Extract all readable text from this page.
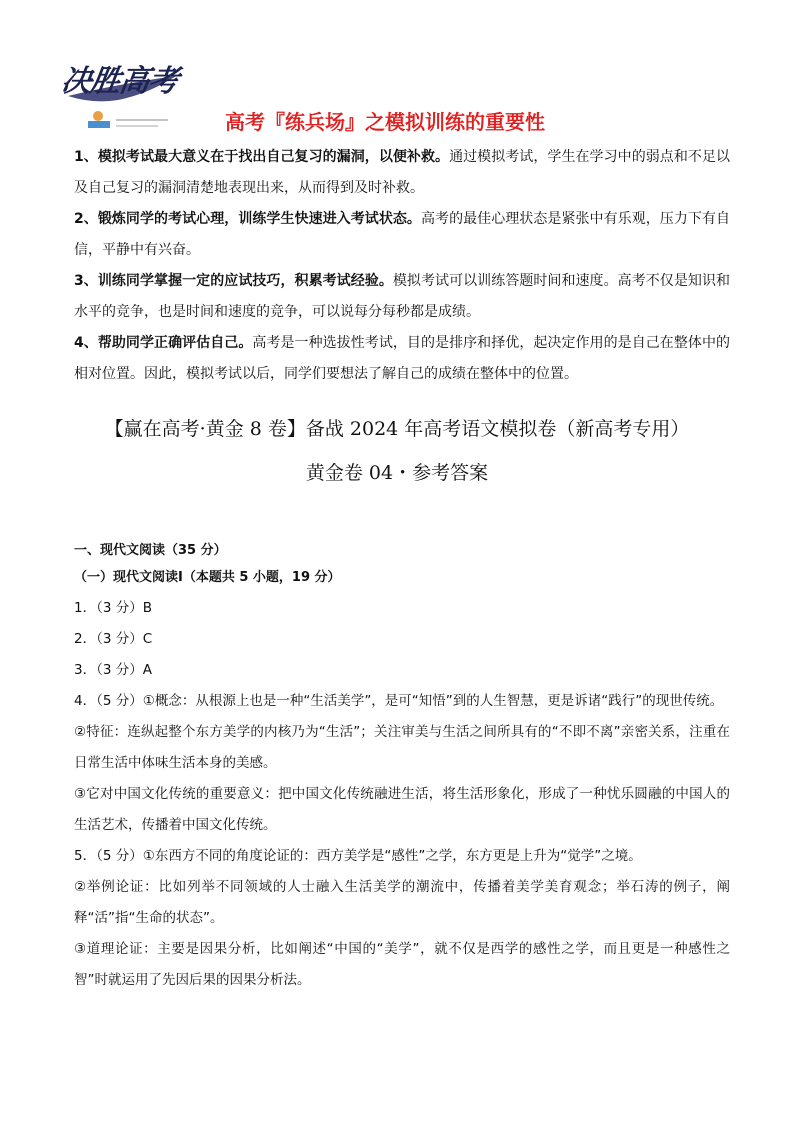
决胜高考
高考『练兵场』之模拟训练的重要性

1、模拟考试最大意义在于找出自己复习的漏洞，以便补救。通过模拟考试，学生在学习中的弱点和不足以及自己复习的漏洞清楚地表现出来，从而得到及时补救。

2、锻炼同学的考试心理，训练学生快速进入考试状态。高考的最佳心理状态是紧张中有乐观，压力下有自信，平静中有兴奋。

3、训练同学掌握一定的应试技巧，积累考试经验。模拟考试可以训练答题时间和速度。高考不仅是知识和水平的竞争，也是时间和速度的竞争，可以说每分每秒都是成绩。

4、帮助同学正确评估自己。高考是一种选拔性考试，目的是排序和择优，起决定作用的是自己在整体中的相对位置。因此，模拟考试以后，同学们要想法了解自己的成绩在整体中的位置。

【赢在高考·黄金 8 卷】备战 2024 年高考语文模拟卷（新高考专用）
黄金卷 04・参考答案

一、现代文阅读（35 分）

（一）现代文阅读Ⅰ（本题共 5 小题，19 分）

1．（3 分）B

2．（3 分）C

3．（3 分）A

4．（5 分）①概念：从根源上也是一种“生活美学”，是可“知悟”到的人生智慧，更是诉诸“践行”的现世传统。

②特征：连纵起整个东方美学的内核乃为“生活”；关注审美与生活之间所具有的“不即不离”亲密关系，注重在日常生活中体味生活本身的美感。

③它对中国文化传统的重要意义：把中国文化传统融进生活，将生活形象化，形成了一种忧乐圆融的中国人的生活艺术，传播着中国文化传统。

5．（5 分）①东西方不同的角度论证的：西方美学是“感性”之学，东方更是上升为“觉学”之境。

②举例论证：比如列举不同领域的人士融入生活美学的潮流中，传播着美学美育观念；举石涛的例子，阐释“活”指“生命的状态”。

③道理论证：主要是因果分析，比如阐述“中国的“美学”，就不仅是西学的感性之学，而且更是一种感性之智”时就运用了先因后果的因果分析法。
